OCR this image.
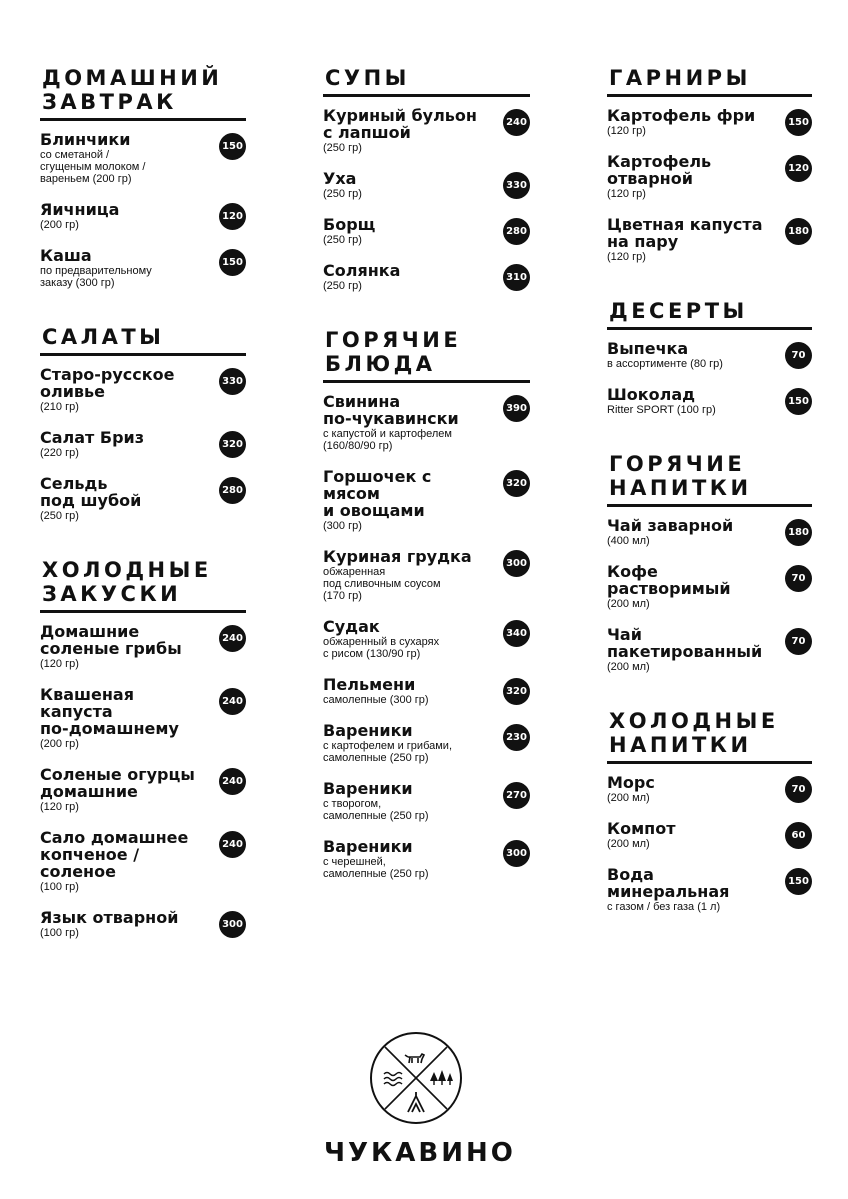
ДОМАШНИЙ
ЗАВТРАК
Блинчики
со сметаной /
сгущеным молоком /
вареньем (200 гр)
150
Яичница
(200 гр)
120
Каша
по предварительному
заказу (300 гр)
150
САЛАТЫ
Старо-русское
оливье
(210 гр)
330
Салат Бриз
(220 гр)
320
Сельдь
под шубой
(250 гр)
280
ХОЛОДНЫЕ
ЗАКУСКИ
Домашние
соленые грибы
(120 гр)
240
Квашеная капуста
по-домашнему
(200 гр)
240
Соленые огурцы
домашние
(120 гр)
240
Сало домашнее
копченое /
соленое
(100 гр)
240
Язык отварной
(100 гр)
300
СУПЫ
Куриный бульон
с лапшой
(250 гр)
240
Уха
(250 гр)
330
Борщ
(250 гр)
280
Солянка
(250 гр)
310
ГОРЯЧИЕ
БЛЮДА
Свинина
по-чукавински
с капустой и картофелем
(160/80/90 гр)
390
Горшочек с мясом
и овощами
(300 гр)
320
Куриная грудка
обжаренная
под сливочным соусом
(170 гр)
300
Судак
обжаренный в сухарях
с рисом (130/90 гр)
340
Пельмени
самолепные (300 гр)
320
Вареники
с картофелем и грибами,
самолепные (250 гр)
230
Вареники
с творогом,
самолепные (250 гр)
270
Вареники
с черешней,
самолепные (250 гр)
300
ГАРНИРЫ
Картофель фри
(120 гр)
150
Картофель отварной
(120 гр)
120
Цветная капуста
на пару
(120 гр)
180
ДЕСЕРТЫ
Выпечка
в ассортименте (80 гр)
70
Шоколад
Ritter SPORT (100 гр)
150
ГОРЯЧИЕ
НАПИТКИ
Чай заварной
(400 мл)
180
Кофе
растворимый
(200 мл)
70
Чай
пакетированный
(200 мл)
70
ХОЛОДНЫЕ
НАПИТКИ
Морс
(200 мл)
70
Компот
(200 мл)
60
Вода
минеральная
с газом / без газа (1 л)
150
ЧУКАВИНО
